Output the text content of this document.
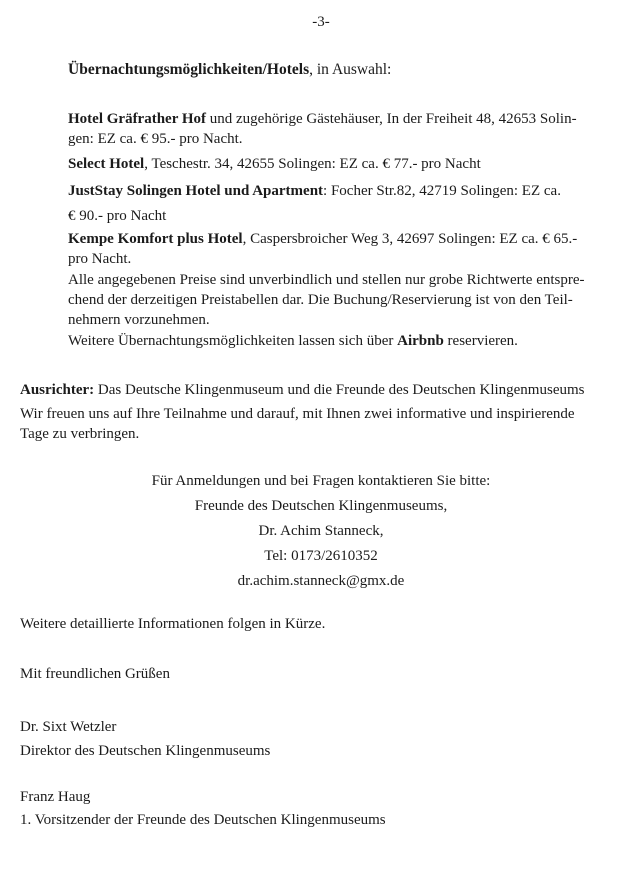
-3-
Übernachtungsmöglichkeiten/Hotels, in Auswahl:
Hotel Gräfrather Hof und zugehörige Gästehäuser, In der Freiheit 48, 42653 Solin-
gen: EZ ca. € 95.- pro Nacht.
Select Hotel, Teschestr. 34, 42655 Solingen: EZ ca. € 77.- pro Nacht
JustStay Solingen Hotel und Apartment: Focher Str.82, 42719 Solingen: EZ ca.
€ 90.- pro Nacht
Kempe Komfort plus Hotel, Caspersbroicher Weg 3, 42697 Solingen: EZ ca. € 65.-
pro Nacht.
Alle angegebenen Preise sind unverbindlich und stellen nur grobe Richtwerte entspre-
chend der derzeitigen Preistabellen dar. Die Buchung/Reservierung ist von den Teil-
nehmern vorzunehmen.
Weitere Übernachtungsmöglichkeiten lassen sich über Airbnb reservieren.
Ausrichter: Das Deutsche Klingenmuseum und die Freunde des Deutschen Klingenmuseums
Wir freuen uns auf Ihre Teilnahme und darauf, mit Ihnen zwei informative und inspirierende
Tage zu verbringen.
Für Anmeldungen und bei Fragen kontaktieren Sie bitte:
Freunde des Deutschen Klingenmuseums,
Dr. Achim Stanneck,
Tel: 0173/2610352
dr.achim.stanneck@gmx.de
Weitere detaillierte Informationen folgen in Kürze.
Mit freundlichen Grüßen
Dr. Sixt Wetzler
Direktor des Deutschen Klingenmuseums
Franz Haug
1. Vorsitzender der Freunde des Deutschen Klingenmuseums
